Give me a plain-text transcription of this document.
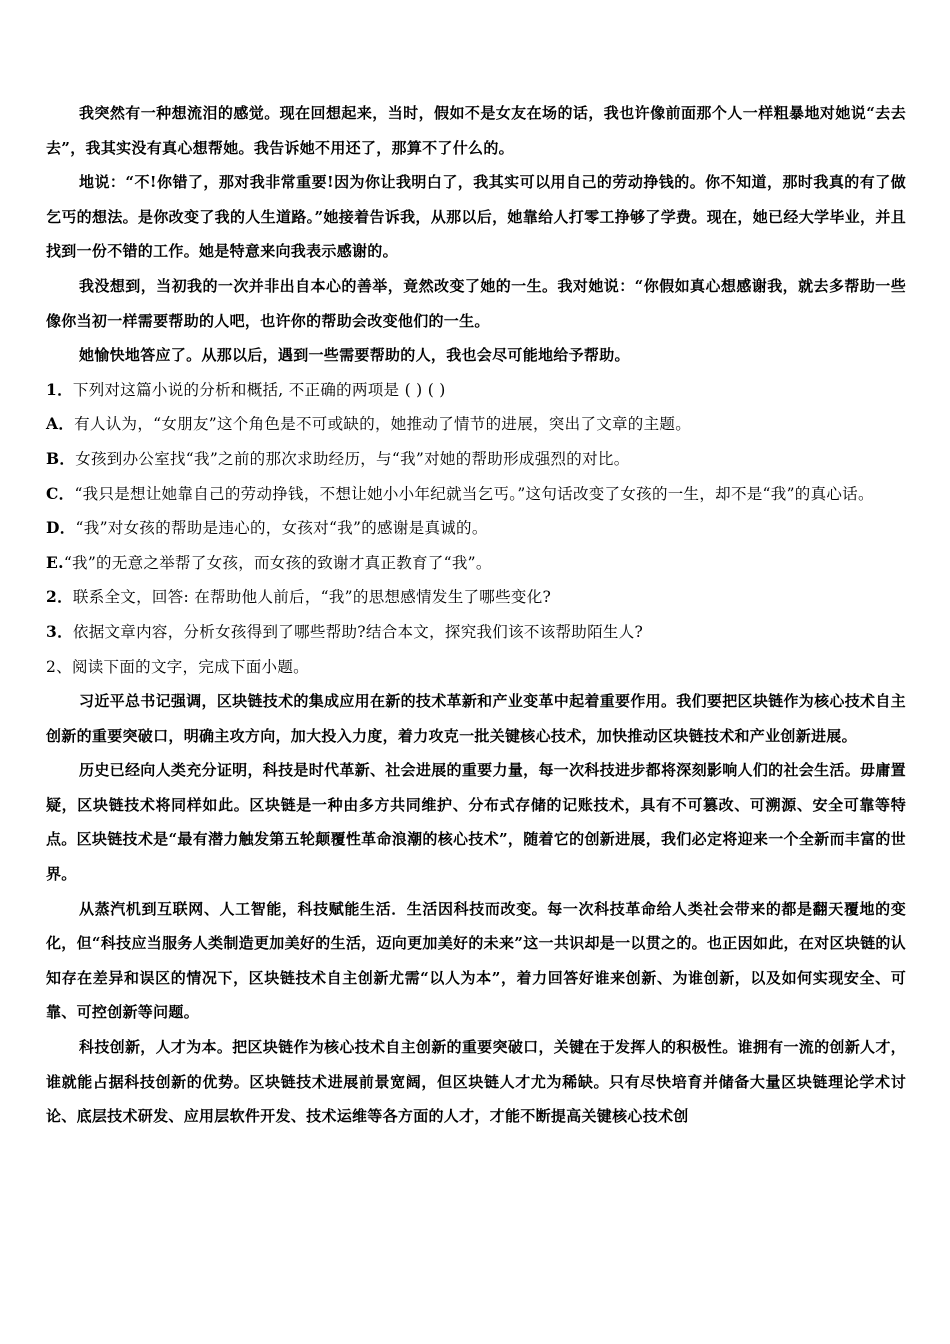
我突然有一种想流泪的感觉。现在回想起来，当时，假如不是女友在场的话，我也许像前面那个人一样粗暴地对她说“去去去”，我其实没有真心想帮她。我告诉她不用还了，那算不了什么的。

地说：“不!你错了，那对我非常重要!因为你让我明白了，我其实可以用自己的劳动挣钱的。你不知道，那时我真的有了做乞丐的想法。是你改变了我的人生道路。”她接着告诉我，从那以后，她靠给人打零工挣够了学费。现在，她已经大学毕业，并且找到一份不错的工作。她是特意来向我表示感谢的。

我没想到，当初我的一次并非出自本心的善举，竟然改变了她的一生。我对她说：“你假如真心想感谢我，就去多帮助一些像你当初一样需要帮助的人吧，也许你的帮助会改变他们的一生。

她愉快地答应了。从那以后，遇到一些需要帮助的人，我也会尽可能地给予帮助。

1．下列对这篇小说的分析和概括, 不正确的两项是 ( ) ( )

A．有人认为，“女朋友”这个角色是不可或缺的，她推动了情节的进展，突出了文章的主题。

B．女孩到办公室找“我”之前的那次求助经历，与“我”对她的帮助形成强烈的对比。

C．“我只是想让她靠自己的劳动挣钱，不想让她小小年纪就当乞丐。”这句话改变了女孩的一生，却不是“我”的真心话。

D．“我”对女孩的帮助是违心的，女孩对“我”的感谢是真诚的。

E.“我”的无意之举帮了女孩，而女孩的致谢才真正教育了“我”。

2．联系全文，回答: 在帮助他人前后，“我”的思想感情发生了哪些变化?

3．依据文章内容，分析女孩得到了哪些帮助?结合本文，探究我们该不该帮助陌生人?

2、阅读下面的文字，完成下面小题。

习近平总书记强调，区块链技术的集成应用在新的技术革新和产业变革中起着重要作用。我们要把区块链作为核心技术自主创新的重要突破口，明确主攻方向，加大投入力度，着力攻克一批关键核心技术，加快推动区块链技术和产业创新进展。

历史已经向人类充分证明，科技是时代革新、社会进展的重要力量，每一次科技进步都将深刻影响人们的社会生活。毋庸置疑，区块链技术将同样如此。区块链是一种由多方共同维护、分布式存储的记账技术，具有不可篡改、可溯源、安全可靠等特点。区块链技术是“最有潜力触发第五轮颠覆性革命浪潮的核心技术”，随着它的创新进展，我们必定将迎来一个全新而丰富的世界。

从蒸汽机到互联网、人工智能，科技赋能生活．生活因科技而改变。每一次科技革命给人类社会带来的都是翻天覆地的变化，但“科技应当服务人类制造更加美好的生活，迈向更加美好的未来”这一共识却是一以贯之的。也正因如此，在对区块链的认知存在差异和误区的情况下，区块链技术自主创新尤需“以人为本”，着力回答好谁来创新、为谁创新，以及如何实现安全、可靠、可控创新等问题。

科技创新，人才为本。把区块链作为核心技术自主创新的重要突破口，关键在于发挥人的积极性。谁拥有一流的创新人才，谁就能占据科技创新的优势。区块链技术进展前景宽阔，但区块链人才尤为稀缺。只有尽快培育并储备大量区块链理论学术讨论、底层技术研发、应用层软件开发、技术运维等各方面的人才，才能不断提高关键核心技术创
